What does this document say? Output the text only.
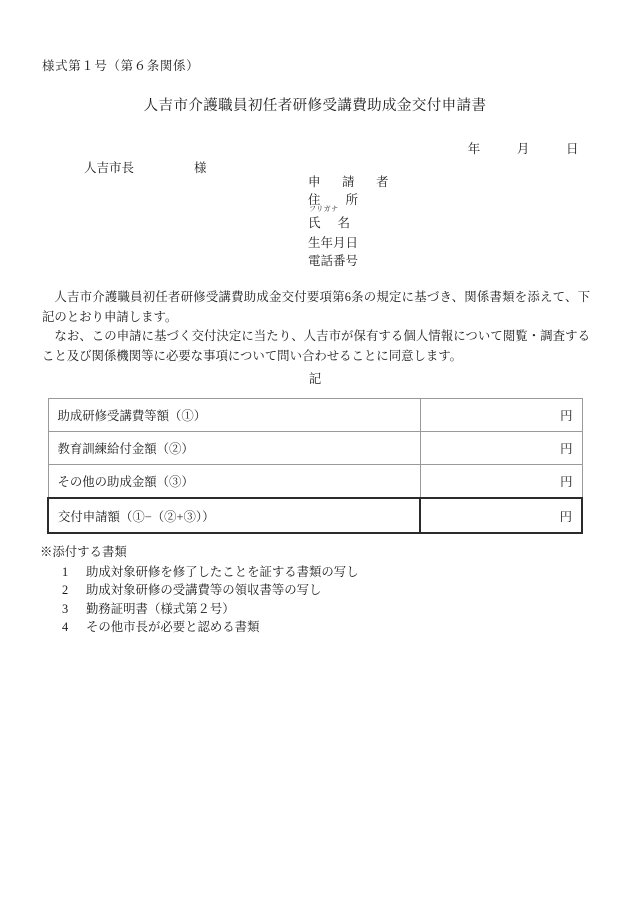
様式第１号（第６条関係）
人吉市介護職員初任者研修受講費助成金交付申請書
年	月	日
人吉市長	様
申　請　者
住　　所
フリガナ
氏 名
生年月日
電話番号

人吉市介護職員初任者研修受講費助成金交付要項第6条の規定に基づき、関係書類を添えて、下記のとおり申請します。

なお、この申請に基づく交付決定に当たり、人吉市が保有する個人情報について閲覧・調査すること及び関係機関等に必要な事項について問い合わせることに同意します。

記
助成研修受講費等額（①）	円
教育訓練給付金額（②）	円
その他の助成金額（③）	円
交付申請額（①−（②+③））	円
※添付する書類
1 助成対象研修を修了したことを証する書類の写し
2 助成対象研修の受講費等の領収書等の写し
3 勤務証明書（様式第２号）
4 その他市長が必要と認める書類
